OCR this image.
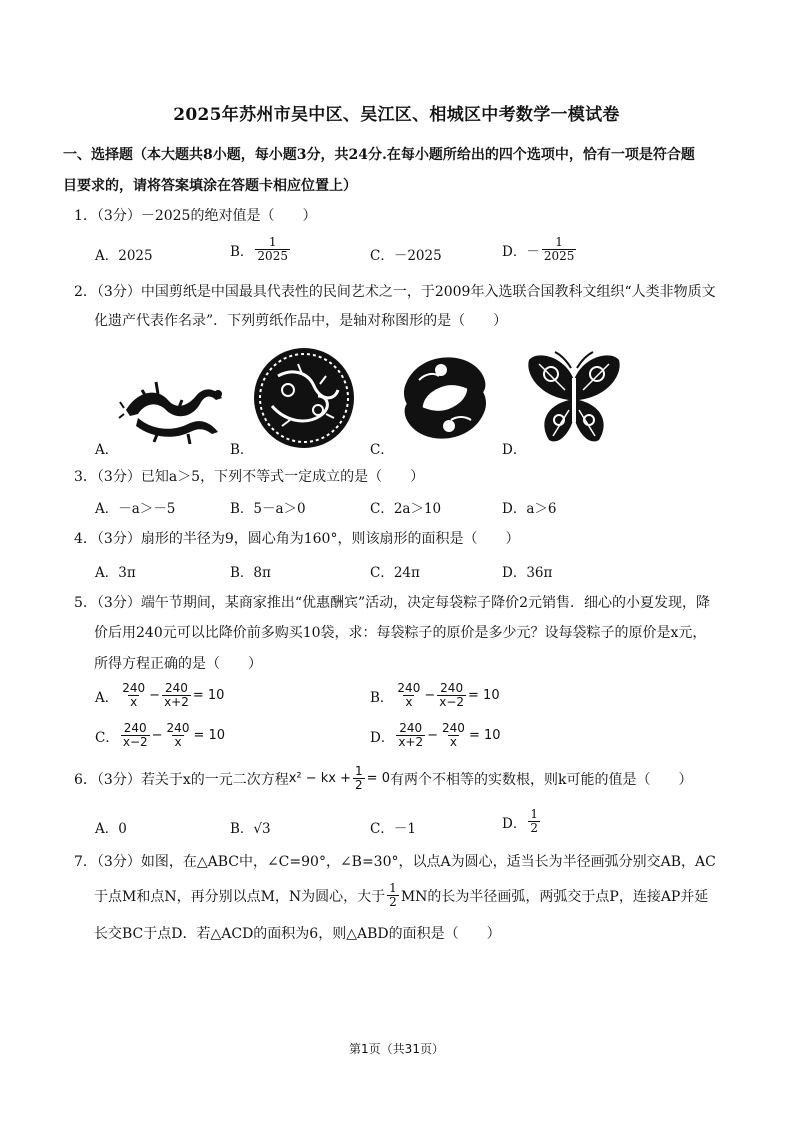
2025年苏州市吴中区、吴江区、相城区中考数学一模试卷
一、选择题（本大题共8小题，每小题3分，共24分.在每小题所给出的四个选项中，恰有一项是符合题
目要求的，请将答案填涂在答题卡相应位置上）
1．（3分）－2025的绝对值是（　　）
A．2025	B． $\frac{1}{2025}$	C．－2025	D．－ $\frac{1}{2025}$
2．（3分）中国剪纸是中国最具代表性的民间艺术之一，于2009年入选联合国教科文组织“人类非物质文
化遗产代表作名录”．下列剪纸作品中，是轴对称图形的是（　　）
A．	B．	C．	D．
3．（3分）已知a＞5，下列不等式一定成立的是（　　）
A．－a＞－5	B．5－a＞0	C．2a＞10	D．a＞6
4．（3分）扇形的半径为9，圆心角为160°，则该扇形的面积是（　　）
A．3π	B．8π	C．24π	D．36π
5．（3分）端午节期间，某商家推出“优惠酬宾”活动，决定每袋粽子降价2元销售．细心的小夏发现，降
价后用240元可以比降价前多购买10袋，求：每袋粽子的原价是多少元？设每袋粽子的原价是x元，
所得方程正确的是（　　）
A． $\frac{240}{x} - \frac{240}{x+2} = 10$	B． $\frac{240}{x} - \frac{240}{x-2} = 10$
C． $\frac{240}{x-2} - \frac{240}{x} = 10$	D． $\frac{240}{x+2} - \frac{240}{x} = 10$
6．（3分）若关于x的一元二次方程 x² − kx + $\frac{1}{2} = 0$ 有两个不相等的实数根，则k可能的值是（　　）
A．0	B．√3	C．－1	D． $\frac{1}{2}$
7．（3分）如图，在△ABC中，∠C=90°，∠B=30°，以点A为圆心，适当长为半径画弧分别交AB，AC
于点M和点N，再分别以点M，N为圆心，大于 $\frac{1}{2}$ MN的长为半径画弧，两弧交于点P，连接AP并延
长交BC于点D．若△ACD的面积为6，则△ABD的面积是（　　）
第1页（共31页）
